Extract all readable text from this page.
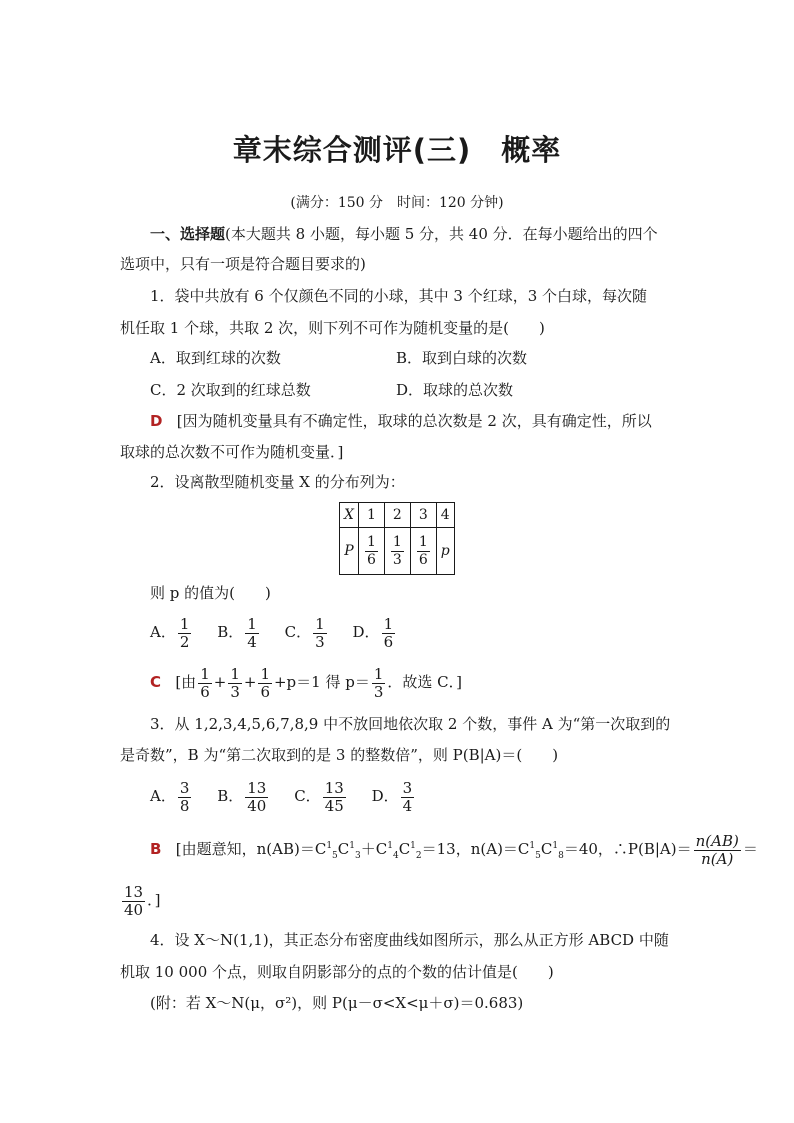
章末综合测评(三)　概率
(满分：150 分　时间：120 分钟)
一、选择题(本大题共 8 小题，每小题 5 分，共 40 分．在每小题给出的四个
选项中，只有一项是符合题目要求的)
1．袋中共放有 6 个仅颜色不同的小球，其中 3 个红球，3 个白球，每次随
机任取 1 个球，共取 2 次，则下列不可作为随机变量的是(　　)
A．取到红球的次数	B．取到白球的次数
C．2 次取到的红球总数	D．取球的总次数
D [因为随机变量具有不确定性，取球的总次数是 2 次，具有确定性，所以
取球的总次数不可作为随机变量．]
2．设离散型随机变量 X 的分布列为：
X	1	2	3	4
P	$\frac{1}{6}$	$\frac{1}{3}$	$\frac{1}{6}$	p
则 p 的值为(　　)
A． $\frac{1}{2}$ B． $\frac{1}{4}$ C． $\frac{1}{3}$ D． $\frac{1}{6}$
C [由 $\frac{1}{6} + \frac{1}{3} + \frac{1}{6} +p=1$ 得 $p= \frac{1}{3}$ ．故选 C．]
3．从 1,2,3,4,5,6,7,8,9 中不放回地依次取 2 个数，事件 A 为“第一次取到的
是奇数”，B 为“第二次取到的是 3 的整数倍”，则 P(B|A)＝(　　)
A． $\frac{3}{8}$ B． $\frac{13}{40}$ C． $\frac{13}{45}$ D． $\frac{3}{4}$
B [由题意知，$n(AB)=C^1_5C^1_3+C^1_4C^1_2=13$，$n(A)=C^1_5C^1_8=40$，∴P(B|A)＝ $\frac{n(AB)}{n(A)}$ ＝
$\frac{13}{40}$ ．]
4．设 X～N(1,1)，其正态分布密度曲线如图所示，那么从正方形 ABCD 中随
机取 10 000 个点，则取自阴影部分的点的个数的估计值是(　　)
(附：若 X～N(μ，σ²)，则 P(μ－σ<X<μ＋σ)＝0.683)
